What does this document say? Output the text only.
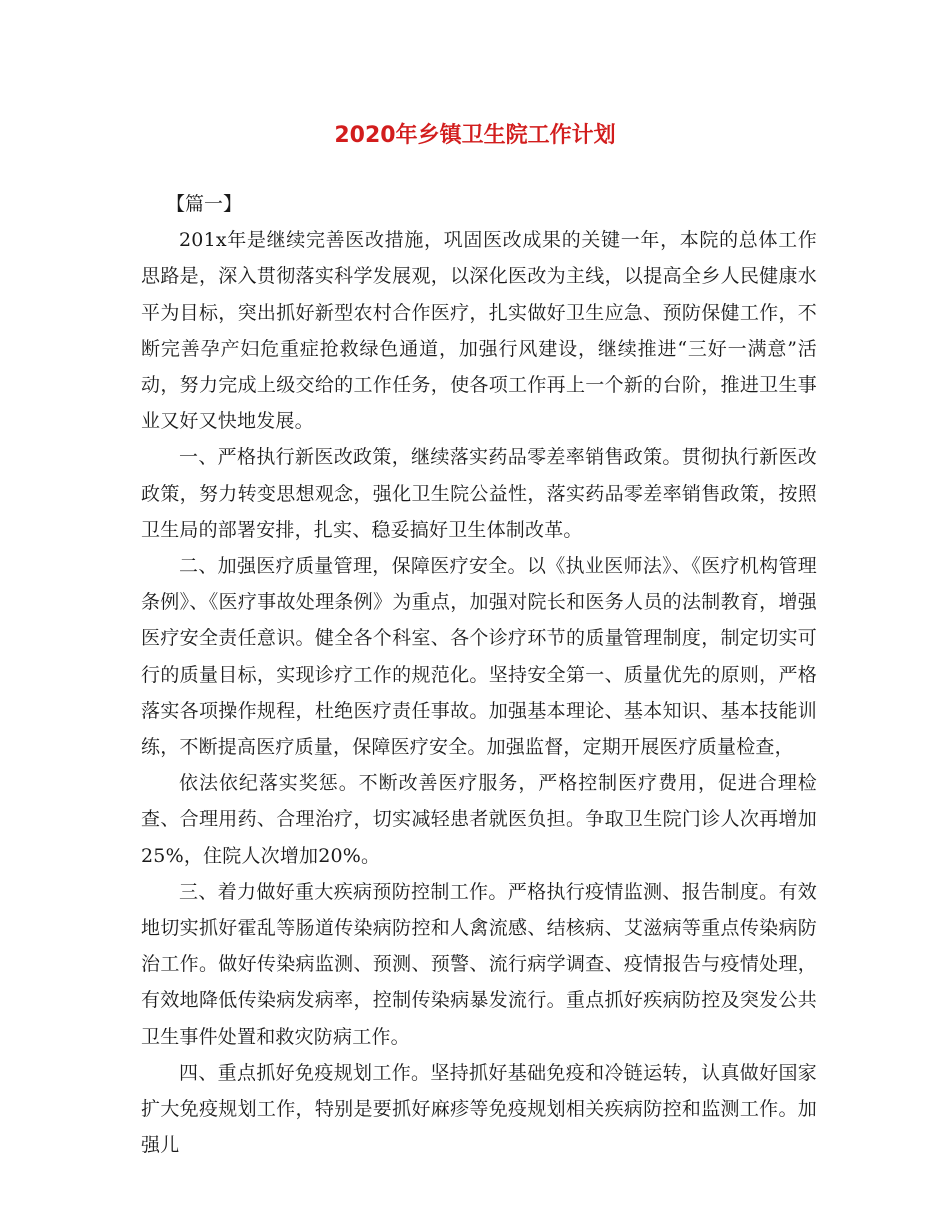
2020年乡镇卫生院工作计划

【篇一】

201x年是继续完善医改措施，巩固医改成果的关键一年，本院的总体工作思路是，深入贯彻落实科学发展观，以深化医改为主线，以提高全乡人民健康水平为目标，突出抓好新型农村合作医疗，扎实做好卫生应急、预防保健工作，不断完善孕产妇危重症抢救绿色通道，加强行风建设，继续推进“三好一满意”活动，努力完成上级交给的工作任务，使各项工作再上一个新的台阶，推进卫生事业又好又快地发展。

一、严格执行新医改政策，继续落实药品零差率销售政策。贯彻执行新医改政策，努力转变思想观念，强化卫生院公益性，落实药品零差率销售政策，按照卫生局的部署安排，扎实、稳妥搞好卫生体制改革。

二、加强医疗质量管理，保障医疗安全。以《执业医师法》、《医疗机构管理条例》、《医疗事故处理条例》为重点，加强对院长和医务人员的法制教育，增强医疗安全责任意识。健全各个科室、各个诊疗环节的质量管理制度，制定切实可行的质量目标，实现诊疗工作的规范化。坚持安全第一、质量优先的原则，严格落实各项操作规程，杜绝医疗责任事故。加强基本理论、基本知识、基本技能训练，不断提高医疗质量，保障医疗安全。加强监督，定期开展医疗质量检查，

依法依纪落实奖惩。不断改善医疗服务，严格控制医疗费用，促进合理检查、合理用药、合理治疗，切实减轻患者就医负担。争取卫生院门诊人次再增加25%，住院人次增加20%。

三、着力做好重大疾病预防控制工作。严格执行疫情监测、报告制度。有效地切实抓好霍乱等肠道传染病防控和人禽流感、结核病、艾滋病等重点传染病防治工作。做好传染病监测、预测、预警、流行病学调查、疫情报告与疫情处理，有效地降低传染病发病率，控制传染病暴发流行。重点抓好疾病防控及突发公共卫生事件处置和救灾防病工作。

四、重点抓好免疫规划工作。坚持抓好基础免疫和冷链运转，认真做好国家扩大免疫规划工作，特别是要抓好麻疹等免疫规划相关疾病防控和监测工作。加强儿
